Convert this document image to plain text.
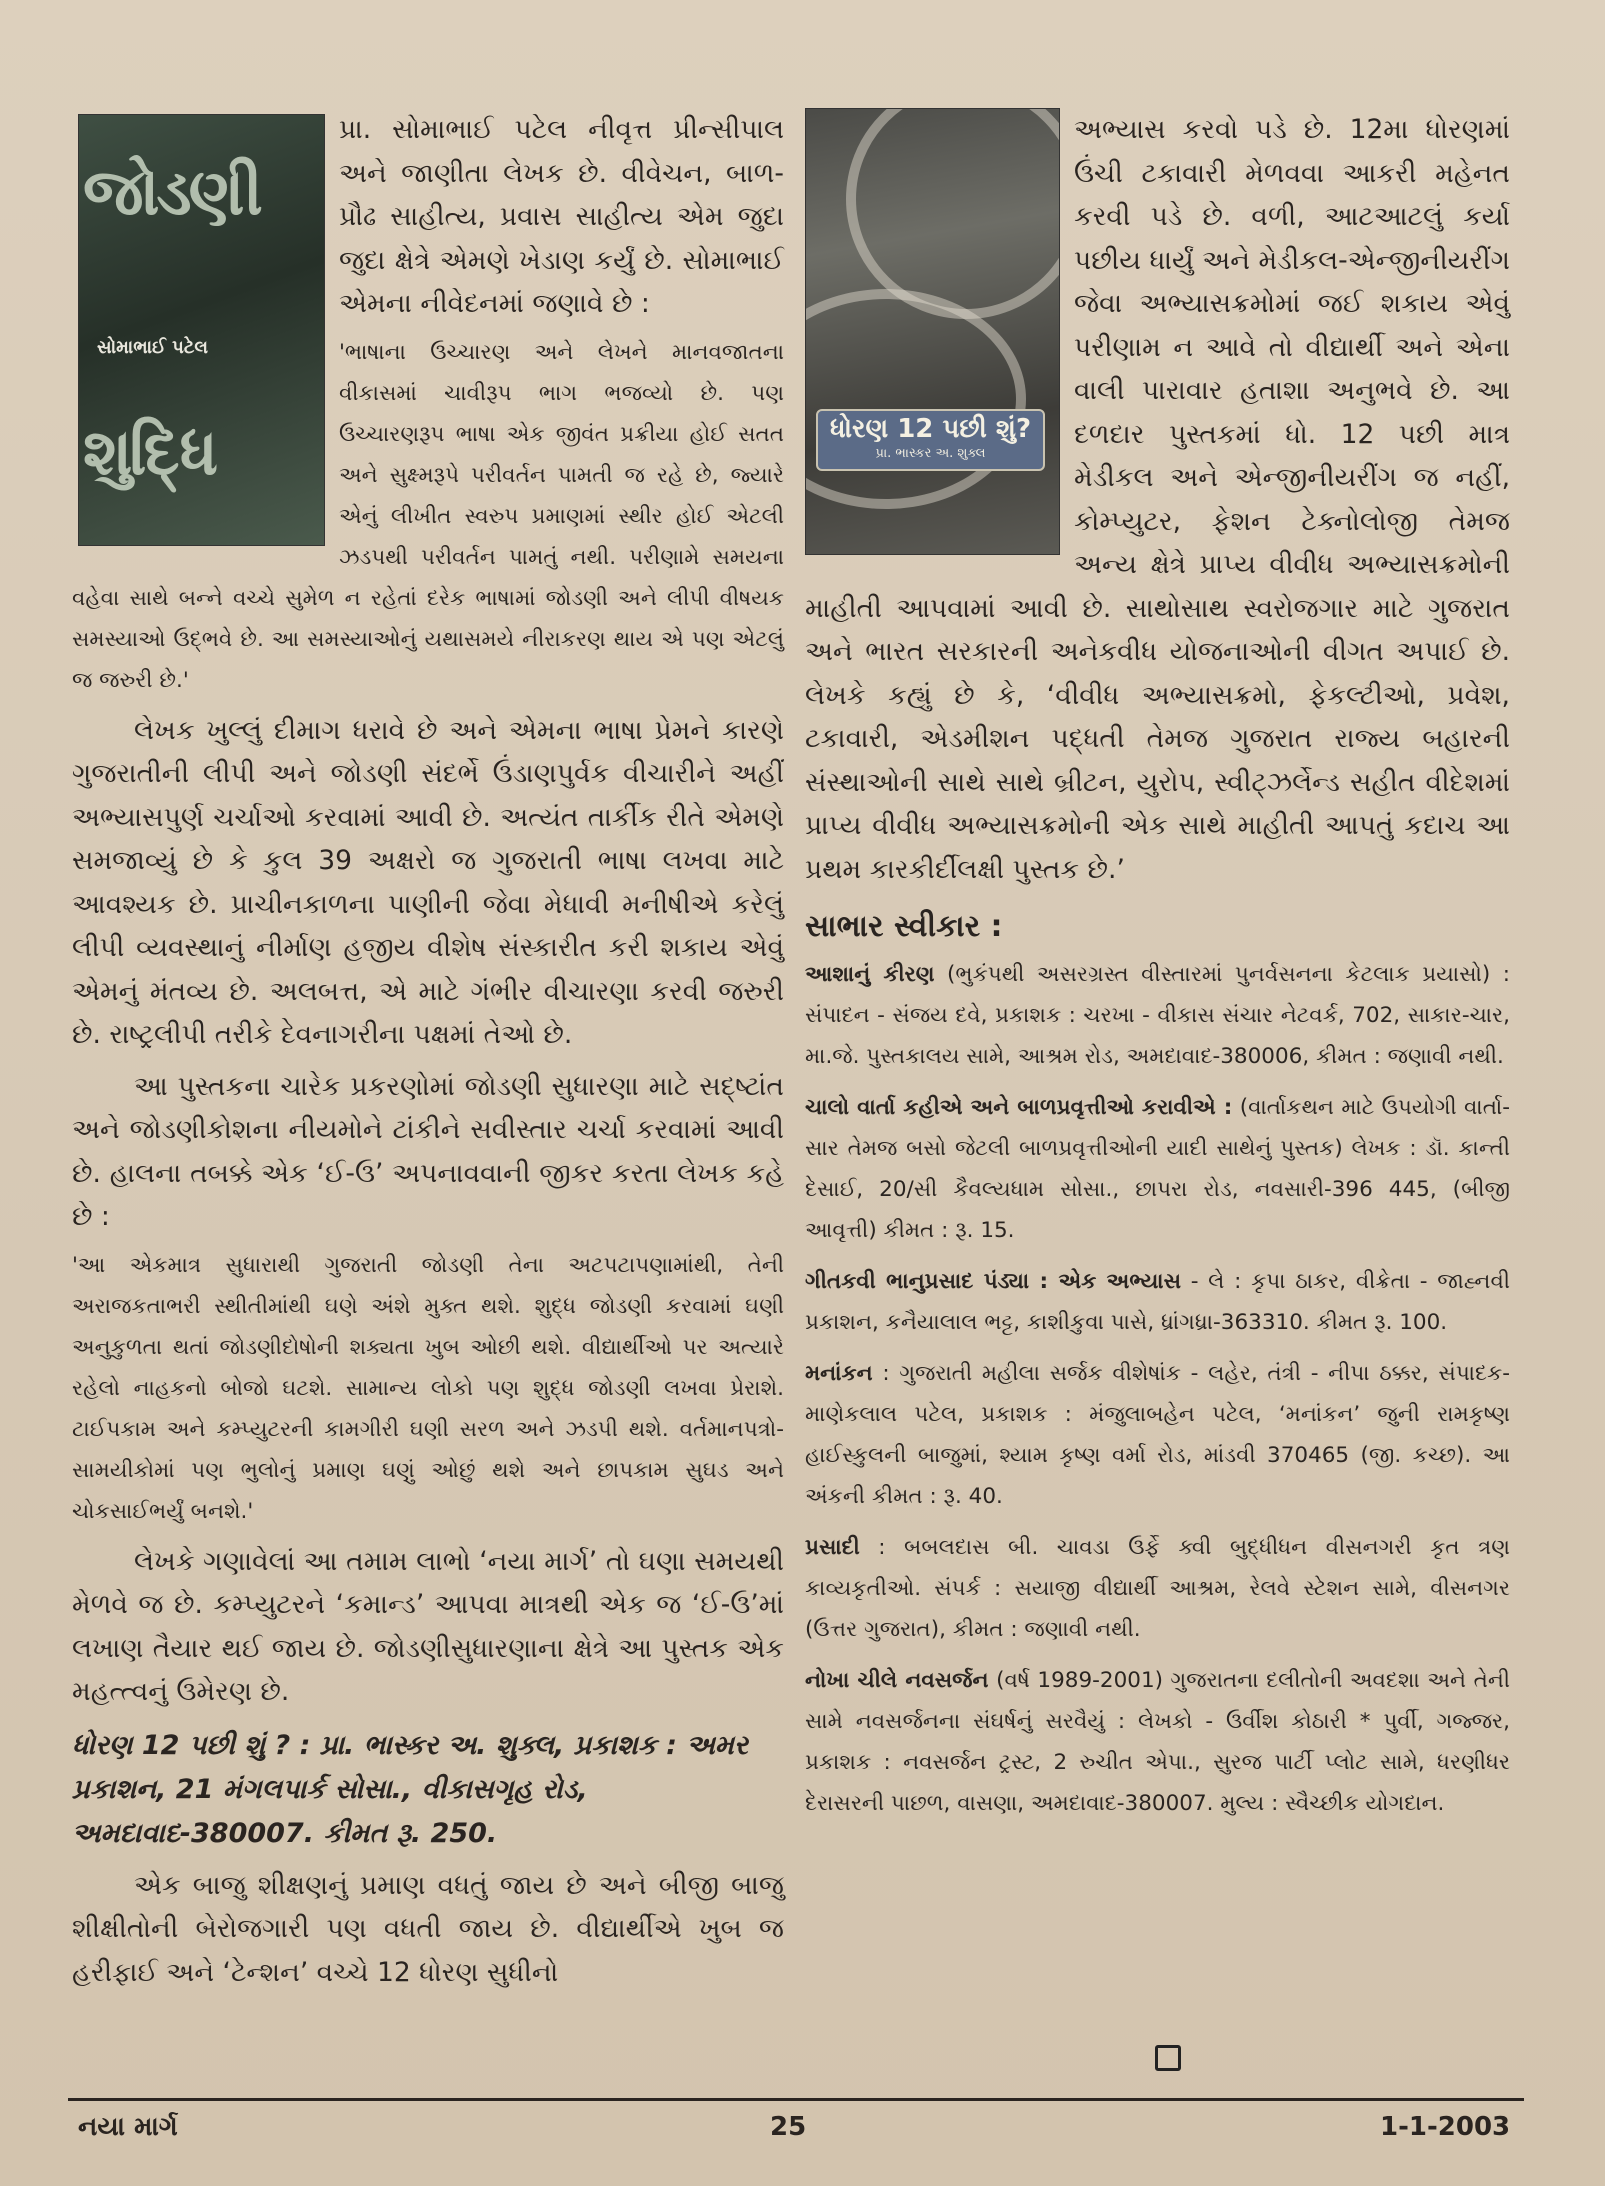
જોડણી
શુદ્ધિ
સોમાભાઈ પટેલ

પ્રા. સોમાભાઈ પટેલ નીવૃત્ત પ્રીન્સીપાલ અને જાણીતા લેખક છે. વીવેચન, બાળ-પ્રૌઢ સાહીત્ય, પ્રવાસ સાહીત્ય એમ જુદા જુદા ક્ષેત્રે એમણે ખેડાણ કર્યું છે. સોમાભાઈ એમના નીવેદનમાં જણાવે છે :

'ભાષાના ઉચ્ચારણ અને લેખને માનવજાતના વીકાસમાં ચાવીરૂપ ભાગ ભજવ્યો છે. પણ ઉચ્ચારણરૂપ ભાષા એક જીવંત પ્રક્રીયા હોઈ સતત અને સુક્ષ્મરૂપે પરીવર્તન પામતી જ રહે છે, જ્યારે એનું લીખીત સ્વરુપ પ્રમાણમાં સ્થીર હોઈ એટલી ઝડપથી પરીવર્તન પામતું નથી. પરીણામે સમયના વહેવા સાથે બન્ને વચ્ચે સુમેળ ન રહેતાં દરેક ભાષામાં જોડણી અને લીપી વીષયક સમસ્યાઓ ઉદ્ભવે છે. આ સમસ્યાઓનું યથાસમયે નીરાકરણ થાય એ પણ એટલું જ જરુરી છે.'

લેખક ખુલ્લું દીમાગ ધરાવે છે અને એમના ભાષા પ્રેમને કારણે ગુજરાતીની લીપી અને જોડણી સંદર્ભે ઉંડાણપુર્વક વીચારીને અહીં અભ્યાસપુર્ણ ચર્ચાઓ કરવામાં આવી છે. અત્યંત તાર્કીક રીતે એમણે સમજાવ્યું છે કે કુલ 39 અક્ષરો જ ગુજરાતી ભાષા લખવા માટે આવશ્યક છે. પ્રાચીનકાળના પાણીની જેવા મેધાવી મનીષીએ કરેલું લીપી વ્યવસ્થાનું નીર્માણ હજીય વીશેષ સંસ્કારીત કરી શકાય એવું એમનું મંતવ્ય છે. અલબત્ત, એ માટે ગંભીર વીચારણા કરવી જરુરી છે. રાષ્ટ્રલીપી તરીકે દેવનાગરીના પક્ષમાં તેઓ છે.

આ પુસ્તકના ચારેક પ્રકરણોમાં જોડણી સુધારણા માટે સદ્ષ્ટાંત અને જોડણીકોશના નીયમોને ટાંકીને સવીસ્તાર ચર્ચા કરવામાં આવી છે. હાલના તબક્કે એક ‘ઈ-ઉ’ અપનાવવાની જીકર કરતા લેખક કહે છે :

'આ એકમાત્ર સુધારાથી ગુજરાતી જોડણી તેના અટપટાપણામાંથી, તેની અરાજકતાભરી સ્થીતીમાંથી ઘણે અંશે મુક્ત થશે. શુદ્ધ જોડણી કરવામાં ઘણી અનુકુળતા થતાં જોડણીદોષોની શક્યતા ખુબ ઓછી થશે. વીદ્યાર્થીઓ પર અત્યારે રહેલો નાહકનો બોજો ઘટશે. સામાન્ય લોકો પણ શુદ્ધ જોડણી લખવા પ્રેરાશે. ટાઈપકામ અને કમ્પ્યુટરની કામગીરી ઘણી સરળ અને ઝડપી થશે. વર્તમાનપત્રો-સામયીકોમાં પણ ભુલોનું પ્રમાણ ઘણું ઓછું થશે અને છાપકામ સુઘડ અને ચોકસાઈભર્યું બનશે.'

લેખકે ગણાવેલાં આ તમામ લાભો ‘નયા માર્ગ’ તો ઘણા સમયથી મેળવે જ છે. કમ્પ્યુટરને ‘કમાન્ડ’ આપવા માત્રથી એક જ ‘ઈ-ઉ’માં લખાણ તૈયાર થઈ જાય છે. જોડણીસુધારણાના ક્ષેત્રે આ પુસ્તક એક મહત્ત્વનું ઉમેરણ છે.

ધોરણ 12 પછી શું ? : પ્રા. ભાસ્કર અ. શુક્લ, પ્રકાશક : અમર પ્રકાશન, 21 મંગલપાર્ક સોસા., વીકાસગૃહ રોડ, અમદાવાદ-380007. કીમત રૂ. 250.

એક બાજુ શીક્ષણનું પ્રમાણ વધતું જાય છે અને બીજી બાજુ શીક્ષીતોની બેરોજગારી પણ વધતી જાય છે. વીદ્યાર્થીએ ખુબ જ હરીફાઈ અને ‘ટેન્શન’ વચ્ચે 12 ધોરણ સુધીનો

ધોરણ 12 પછી શું?
પ્રા. ભાસ્કર અ. શુક્લ

અભ્યાસ કરવો પડે છે. 12મા ધોરણમાં ઉંચી ટકાવારી મેળવવા આકરી મહેનત કરવી પડે છે. વળી, આટઆટલું કર્યા પછીય ધાર્યું અને મેડીકલ-એન્જીનીયરીંગ જેવા અભ્યાસક્રમોમાં જઈ શકાય એવું પરીણામ ન આવે તો વીદ્યાર્થી અને એના વાલી પારાવાર હતાશા અનુભવે છે. આ દળદાર પુસ્તકમાં ધો. 12 પછી માત્ર મેડીકલ અને એન્જીનીયરીંગ જ નહીં, કોમ્પ્યુટર, ફેશન ટેક્નોલોજી તેમજ અન્ય ક્ષેત્રે પ્રાપ્ય વીવીધ અભ્યાસક્રમોની માહીતી આપવામાં આવી છે. સાથોસાથ સ્વરોજગાર માટે ગુજરાત અને ભારત સરકારની અનેકવીધ યોજનાઓની વીગત અપાઈ છે. લેખકે કહ્યું છે કે, ‘વીવીધ અભ્યાસક્રમો, ફેકલ્ટીઓ, પ્રવેશ, ટકાવારી, એડમીશન પદ્ધતી તેમજ ગુજરાત રાજ્ય બહારની સંસ્થાઓની સાથે સાથે બ્રીટન, યુરોપ, સ્વીટ્ઝર્લેન્ડ સહીત વીદેશમાં પ્રાપ્ય વીવીધ અભ્યાસક્રમોની એક સાથે માહીતી આપતું કદાચ આ પ્રથમ કારકીર્દીલક્ષી પુસ્તક છે.’

સાભાર સ્વીકાર :

આશાનું કીરણ (ભુકંપથી અસરગ્રસ્ત વીસ્તારમાં પુનર્વસનના કેટલાક પ્રયાસો) : સંપાદન - સંજય દવે, પ્રકાશક : ચરખા - વીકાસ સંચાર નેટવર્ક, 702, સાકાર-ચાર, મા.જે. પુસ્તકાલય સામે, આશ્રમ રોડ, અમદાવાદ-380006, કીમત : જણાવી નથી.

ચાલો વાર્તા કહીએ અને બાળપ્રવૃત્તીઓ કરાવીએ : (વાર્તાકથન માટે ઉપયોગી વાર્તા-સાર તેમજ બસો જેટલી બાળપ્રવૃત્તીઓની યાદી સાથેનું પુસ્તક) લેખક : ડૉ. કાન્તી દેસાઈ, 20/સી કૈવલ્યધામ સોસા., છાપરા રોડ, નવસારી-396 445, (બીજી આવૃત્તી) કીમત : રૂ. 15.

ગીતકવી ભાનુપ્રસાદ પંડ્યા : એક અભ્યાસ - લે : કૃપા ઠાકર, વીક્રેતા - જાહ્નવી પ્રકાશન, કનૈયાલાલ ભટ્ટ, કાશીકુવા પાસે, ધ્રાંગધ્રા-363310. કીમત રૂ. 100.

મનાંકન : ગુજરાતી મહીલા સર્જક વીશેષાંક - લહેર, તંત્રી - નીપા ઠક્કર, સંપાદક- માણેકલાલ પટેલ, પ્રકાશક : મંજુલાબહેન પટેલ, ‘મનાંકન’ જુની રામકૃષ્ણ હાઈસ્કુલની બાજુમાં, શ્યામ કૃષ્ણ વર્મા રોડ, માંડવી 370465 (જી. કચ્છ). આ અંકની કીમત : રૂ. 40.

પ્રસાદી : બબલદાસ બી. ચાવડા ઉર્ફે ક્વી બુદ્ધીધન વીસનગરી કૃત ત્રણ કાવ્યકૃતીઓ. સંપર્ક : સયાજી વીદ્યાર્થી આશ્રમ, રેલવે સ્ટેશન સામે, વીસનગર (ઉત્તર ગુજરાત), કીમત : જણાવી નથી.

નોખા ચીલે નવસર્જન (વર્ષ 1989-2001) ગુજરાતના દલીતોની અવદશા અને તેની સામે નવસર્જનના સંઘર્ષનું સરવૈયું : લેખકો - ઉર્વીશ કોઠારી * પુર્વી, ગજ્જર, પ્રકાશક : નવસર્જન ટ્રસ્ટ, 2 રુચીત એપા., સુરજ પાર્ટી પ્લોટ સામે, ધરણીધર દેરાસરની પાછળ, વાસણા, અમદાવાદ-380007. મુલ્ય : સ્વૈચ્છીક યોગદાન.

નયા માર્ગ	25	1-1-2003
